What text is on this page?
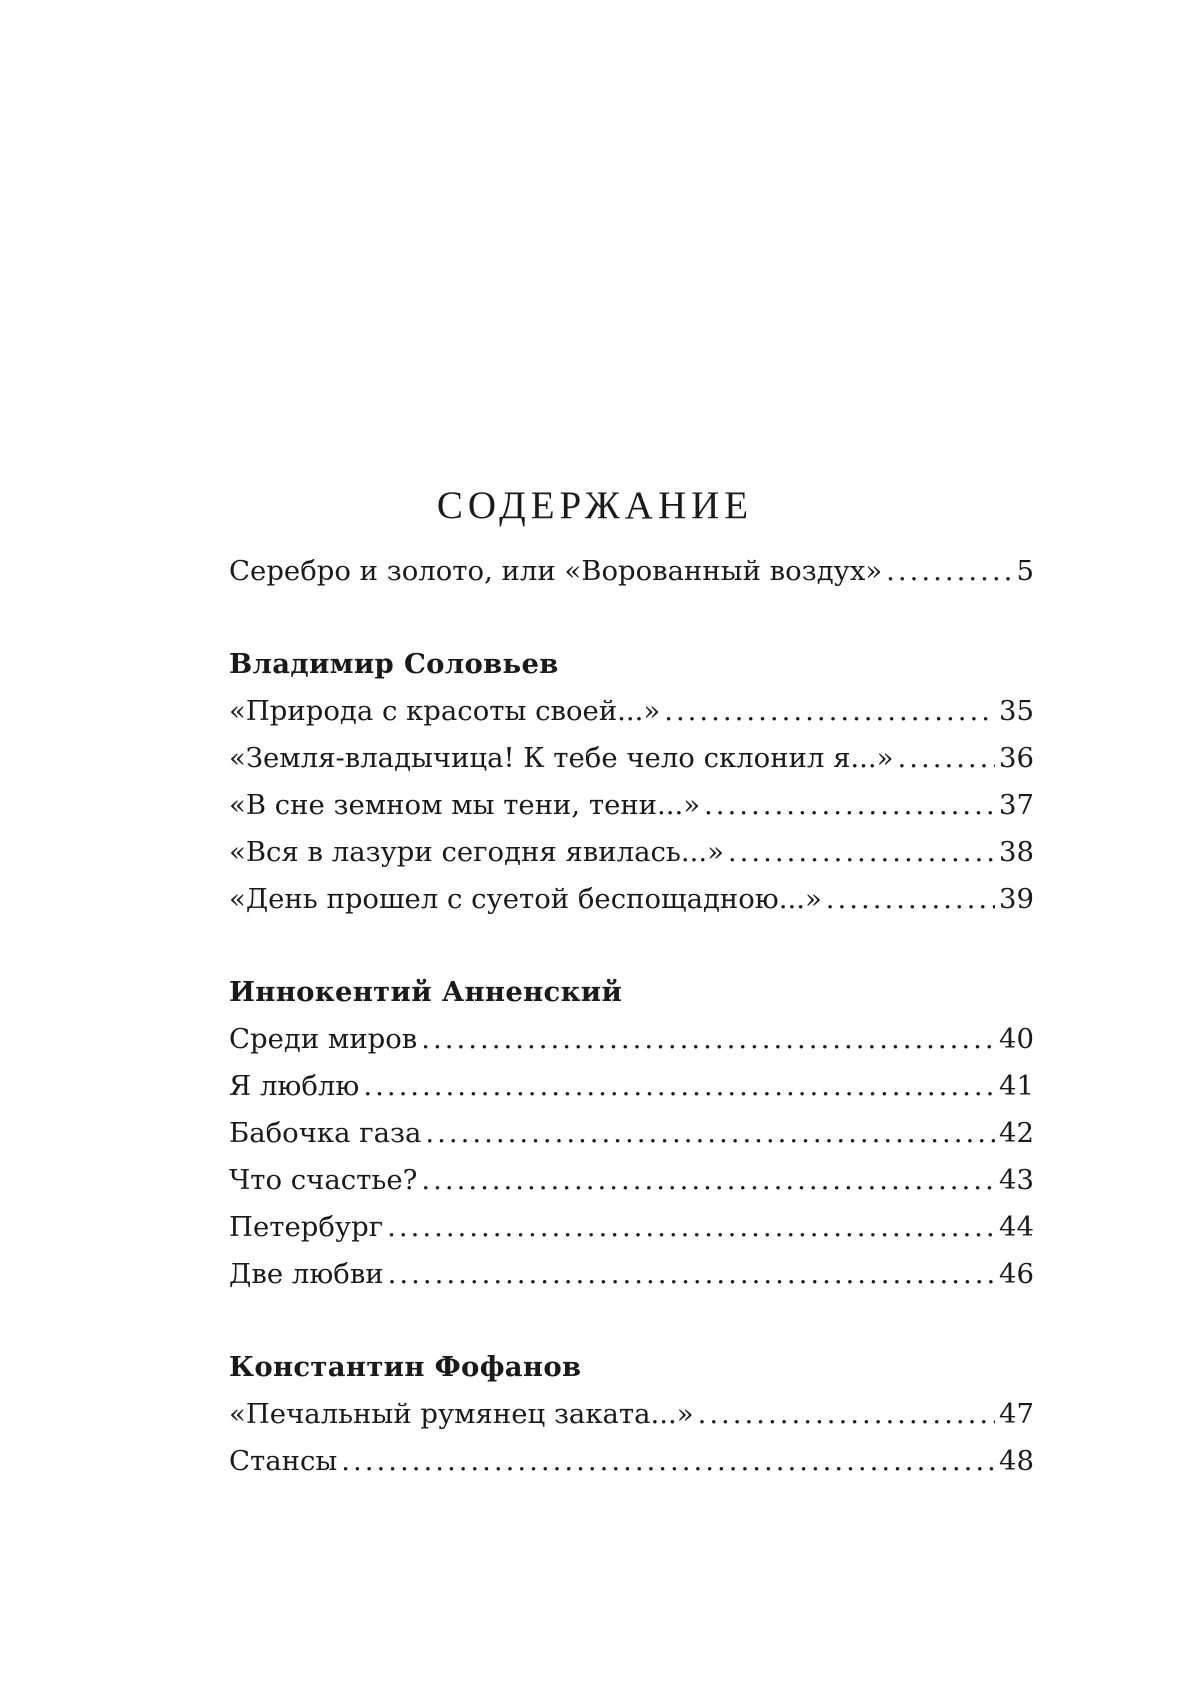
СОДЕРЖАНИЕ
Серебро и золото, или «Ворованный воздух» .....	5
Владимир Соловьев
«Природа с красоты своей...» .....	35
«Земля-владычица! К тебе чело склонил я...» .....	36
«В сне земном мы тени, тени...» .....	37
«Вся в лазури сегодня явилась...» .....	38
«День прошел с суетой беспощадною...» .....	39
Иннокентий Анненский
Среди миров .....	40
Я люблю .....	41
Бабочка газа .....	42
Что счастье? .....	43
Петербург .....	44
Две любви .....	46
Константин Фофанов
«Печальный румянец заката...» .....	47
Стансы .....	48
